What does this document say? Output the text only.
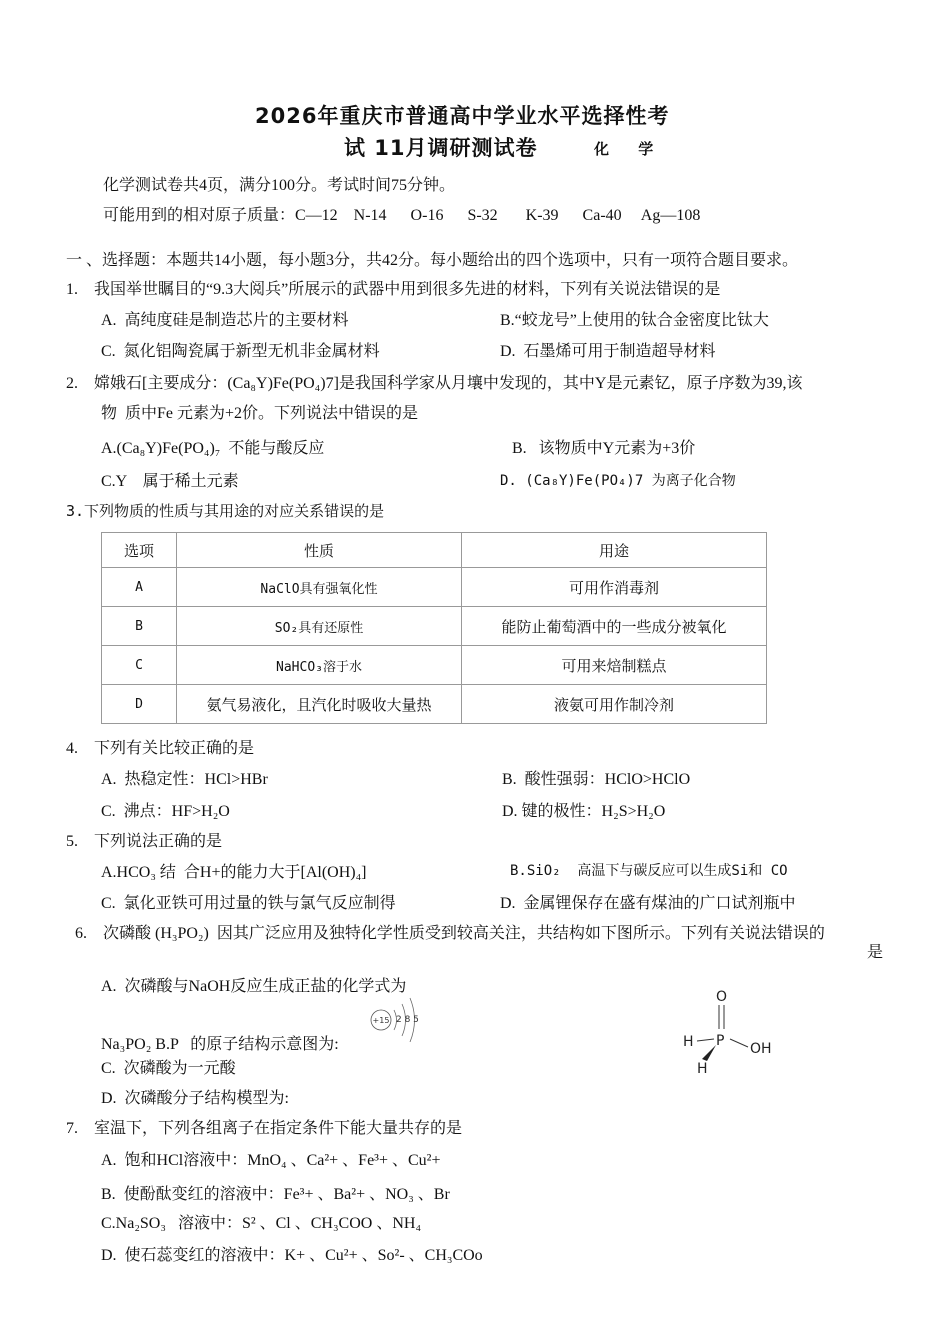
2026年重庆市普通高中学业水平选择性考
试 11月调研测试卷	化 学
化学测试卷共4页，满分100分。考试时间75分钟。
可能用到的相对原子质量：C—12    N-14      O-16      S-32       K-39      Ca-40     Ag—108
一 、选择题：本题共14小题，每小题3分，共42分。每小题给出的四个选项中，只有一项符合题目要求。
1.    我国举世瞩目的“9.3大阅兵”所展示的武器中用到很多先进的材料，下列有关说法错误的是
A.  高纯度硅是制造芯片的主要材料	B.“蛟龙号”上使用的钛合金密度比钛大
C.  氮化铝陶瓷属于新型无机非金属材料	D.  石墨烯可用于制造超导材料
2.    嫦娥石[主要成分：(Ca₈Y)Fe(PO₄)7]是我国科学家从月壤中发现的，其中Y是元素钇，原子序数为39,该
物  质中Fe 元素为+2价。下列说法中错误的是
A.(Ca₈Y)Fe(PO₄)₇  不能与酸反应	B.   该物质中Y元素为+3价
C.Y    属于稀土元素	D. (Ca₈Y)Fe(PO₄)7 为离子化合物
3.下列物质的性质与其用途的对应关系错误的是
选项	性质	用途
A	NaClO具有强氧化性	可用作消毒剂
B	SO₂具有还原性	能防止葡萄酒中的一些成分被氧化
C	NaHCO₃溶于水	可用来焙制糕点
D	氨气易液化，且汽化时吸收大量热	液氨可用作制冷剂
4.    下列有关比较正确的是
A.  热稳定性：HCl>HBr	B.  酸性强弱：HClO>HClO
C.  沸点：HF>H₂O	D. 键的极性：H₂S>H₂O
5.    下列说法正确的是
A.HCO₃ 结  合H+的能力大于[Al(OH)₄]	B.SiO₂  高温下与碳反应可以生成Si和 CO
C.  氯化亚铁可用过量的铁与氯气反应制得	D.  金属锂保存在盛有煤油的广口试剂瓶中
6.    次磷酸 (H₃PO₂)  因其广泛应用及独特化学性质受到较高关注，共结构如下图所示。下列有关说法错误的
是
A.  次磷酸与NaOH反应生成正盐的化学式为
Na₃PO₂ B.P   的原子结构示意图为:
+15 2 8 5
C.  次磷酸为一元酸
D.  次磷酸分子结构模型为:
O
P
H	OH
H
7.    室温下，下列各组离子在指定条件下能大量共存的是
A.  饱和HCl溶液中：MnO₄ 、Ca²+ 、Fe³+ 、Cu²+
B.  使酚酞变红的溶液中：Fe³+ 、Ba²+ 、NO₃ 、Br
C.Na₂SO₃   溶液中：S² 、Cl 、CH₃COO 、NH₄
D.  使石蕊变红的溶液中：K+ 、Cu²+ 、So²- 、CH₃COo
